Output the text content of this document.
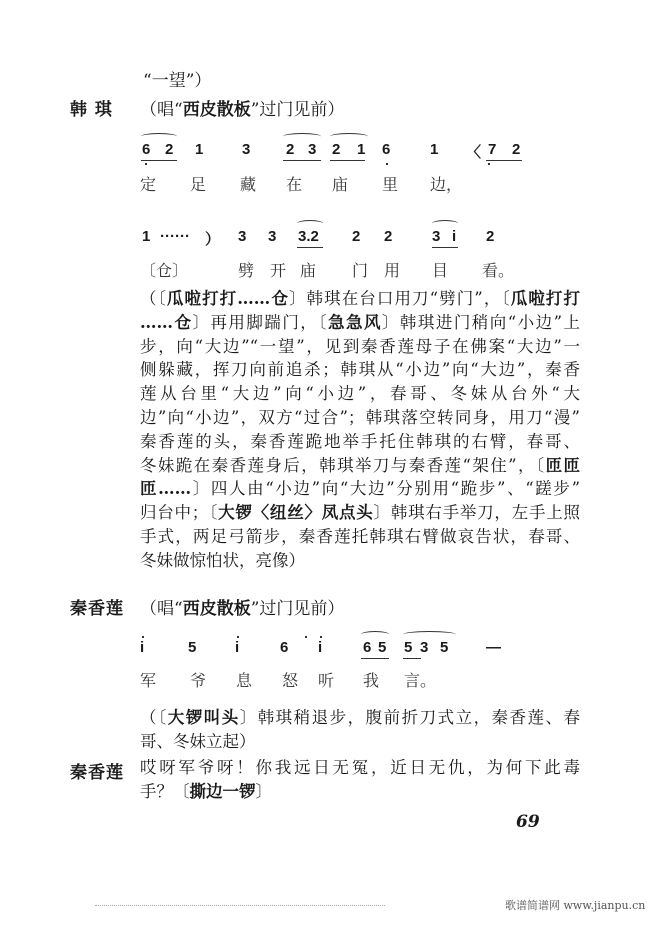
“一望”）
韩 琪 （唱“西皮散板”过门见前）
6 2 1	3 2 3 2 1 6	1 〈 7 2
定 足 藏 在 庙 里 边，
1 ······ ） 3 3 3.2 2 2	3 i 2
〔仓〕	劈 开 庙 门 用 目 看。
（〔瓜啦打打……仓〕韩琪在台口用刀“劈门”，〔瓜啦打打
……仓〕再用脚踹门，〔急急风〕韩琪进门稍向“小边”上
步，向“大边”“一望”，见到秦香莲母子在佛案“大边”一
侧躲藏，挥刀向前追杀；韩琪从“小边”向“大边”，秦香
莲从台里“大边”向“小边”，春哥、冬妹从台外“大
边”向“小边”，双方“过合”；韩琪落空转同身，用刀“漫”
秦香莲的头，秦香莲跪地举手托住韩琪的右臂，春哥、
冬妹跪在秦香莲身后，韩琪举刀与秦香莲“架住”，〔匝匝
匝……〕四人由“小边”向“大边”分别用“跪步”、“蹉步”
归台中；〔大锣〈纽丝〉凤点头〕韩琪右手举刀，左手上照
手式，两足弓箭步，秦香莲托韩琪右臂做哀告状，春哥、
冬妹做惊怕状，亮像）
秦香莲 （唱“西皮散板”过门见前）
i	5	i	6 i	6 5 5 3 5	—
军 爷 息 怒 听 我 言。
（〔大锣叫头〕韩琪稍退步，腹前折刀式立，秦香莲、春
哥、冬妹立起）
秦香莲 哎呀军爷呀！你我远日无冤，近日无仇，为何下此毒
手？〔撕边一锣〕
69
歌谱简谱网 www.jianpu.cn
